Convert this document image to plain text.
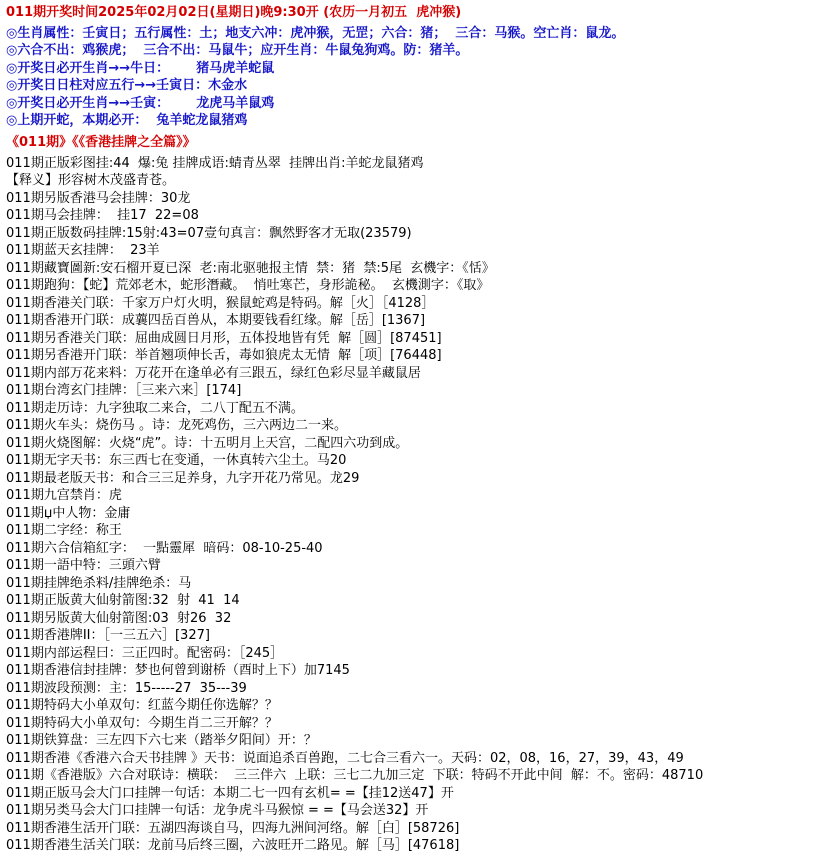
011期开奖时间2025年02月02日(星期日)晚9:30开 (农历一月初五  虎冲猴)
◎生肖属性：壬寅日；五行属性：土；地支六冲：虎冲猴，无罡；六合：猪；  三合：马猴。空亡肖：鼠龙。
◎六合不出：鸡猴虎；  三合不出：马鼠牛；应开生肖：牛鼠兔狗鸡。防：猪羊。
◎开奖日必开生肖→→牛日：      猪马虎羊蛇鼠
◎开奖日日柱对应五行→→壬寅日：木金水
◎开奖日必开生肖→→壬寅：      龙虎马羊鼠鸡
◎上期开蛇，本期必开：  兔羊蛇龙鼠猪鸡
《011期》《《香港挂牌之全篇》》
011期正版彩图挂:44  爆:兔 挂牌成语:蜻青丛翠  挂牌出肖:羊蛇龙鼠猪鸡
【释义】形容树木茂盛青苍。
011期另版香港马会挂牌：30龙
011期马会挂牌：  挂17  22=08
011期正版数码挂牌:15射:43=07壹句真言：飘然野客才无取(23579)
011期蓝天玄挂牌：  23羊
011期藏寶圖新:安石榴开夏已深  老:南北驱驰报主情  禁：猪  禁:5尾  玄機字：《恬》
011期跑狗：【蛇】荒郊老木，蛇形潛藏。  悄吐寒芒，身形詭秘。  玄機測字：《取》
011期香港关门联：千家万户灯火明，猴鼠蛇鸡是特码。解［火］［4128］
011期香港开门联：成蘘四岳百兽从，本期要钱看红缘。解［岳］[1367]
011期另香港关门联：屈曲成圆日月形，五体投地皆有凭  解［圆］[87451]
011期另香港开门联：举首翘项伸长舌，毒如狼虎太无情  解［项］[76448]
011期内部万花来料：万花开在逢单必有三跟五，绿红色彩尽显羊藏鼠居
011期台湾玄门挂牌：［三来六来］[174]
011期走历诗：九字独取二来合，二八丁配五不满。
011期火车头：烧伤马 。诗：龙死鸡伤，三六两边二一来。
011期火烧图解：火烧“虎”。诗：十五明月上天宫，二配四六功到成。
011期无字天书：东三西七在变通，一休真转六尘土。马20
011期最老版天书：和合三三足养身，九字开花乃常见。龙29
011期九宫禁肖：虎
011期џ中人物：金庸
011期二字经：称王
011期六合信箱紅字：  一點靈犀  暗码：08-10-25-40
011期一語中特：三頭六臂
011期挂牌绝杀料/挂牌绝杀：马
011期正版黄大仙射箭图:32  射  41  14
011期另版黄大仙射箭图:03  射26  32
011期香港牌II：［一三五六］[327]
011期内部运程曰：三正四时。配密码：［245］
011期香港信封挂牌：梦也何曾到谢桥（酉时上下）加7145
011期波段预测：主：15-----27  35---39
011期特码大小单双句：红蓝今期任你选解？？
011期特码大小单双句：今期生肖二三开解？？
011期铁算盘：三左四下六七来（踏举夕阳间）开：？
011期香港《香港六合天书挂牌 》天书：说面追杀百兽跑，二七合三看六一。天码：02，08，16，27，39，43，49
011期《香港版》六合对联诗：横联：  三三伴六  上联：三七二九加三定  下联：特码不开此中间  解：不。密码：48710
011期正版马会大门口挂牌一句话：本期二七一四有玄机= =【挂12送47】开
011期另类马会大门口挂牌一句话：龙争虎斗马猴惊 = =【马会送32】开
011期香港生活开门联：五湖四海谈自马，四海九洲间河络。解［白］[58726]
011期香港生活关门联：龙前马后终三圈，六波旺开二路见。解［马］[47618]
